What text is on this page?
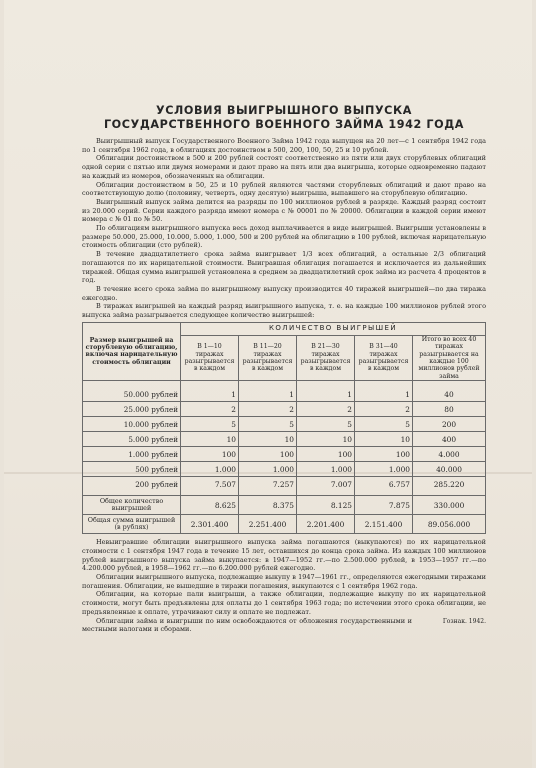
УСЛОВИЯ ВЫИГРЫШНОГО ВЫПУСКА
ГОСУДАРСТВЕННОГО ВОЕННОГО ЗАЙМА 1942 ГОДА

Выигрышный выпуск Государственного Военного Займа 1942 года выпущен на 20 лет—с 1 сентября 1942 года по 1 сентября 1962 года, в облигациях достоинством в 500, 200, 100, 50, 25 и 10 рублей.

Облигации достоинством в 500 и 200 рублей состоят соответственно из пяти или двух сторублевых облигаций одной серии с пятью или двумя номерами и дают право на пять или два выигрыша, которые одновременно падают на каждый из номеров, обозначенных на облигации.

Облигации достоинством в 50, 25 и 10 рублей являются частями сторублевых облигаций и дают право на соответствующую долю (половину, четверть, одну десятую) выигрыша, выпавшего на сторублевую облигацию.

Выигрышный выпуск займа делится на разряды по 100 миллионов рублей в разряде. Каждый разряд состоит из 20.000 серий. Серии каждого разряда имеют номера с № 00001 по № 20000. Облигации в каждой серии имеют номера с № 01 по № 50.

По облигациям выигрышного выпуска весь доход выплачивается в виде выигрышей. Выигрыши установлены в размере 50.000, 25.000, 10.000, 5.000, 1.000, 500 и 200 рублей на облигацию в 100 рублей, включая нарицательную стоимость облигации (сто рублей).

В течение двадцатилетнего срока займа выигрывает 1/3 всех облигаций, а остальные 2/3 облигаций погашаются по их нарицательной стоимости. Выигравшая облигация погашается и исключается из дальнейших тиражей. Общая сумма выигрышей установлена в среднем за двадцатилетний срок займа из расчета 4 процентов в год.

В течение всего срока займа по выигрышному выпуску производится 40 тиражей выигрышей—по два тиража ежегодно.

В тиражах выигрышей на каждый разряд выигрышного выпуска, т. е. на каждые 100 миллионов рублей этого выпуска займа разыгрывается следующее количество выигрышей:

Размер выигрышей на сторублевую облигацию, включая нарицательную стоимость облигации	КОЛИЧЕСТВО ВЫИГРЫШЕЙ				
	В 1—10 тиражах разыгрывается в каждом	В 11—20 тиражах разыгрывается в каждом	В 21—30 тиражах разыгрывается в каждом	В 31—40 тиражах разыгрывается в каждом	Итого во всех 40 тиражах разыгрывается на каждые 100 миллионов рублей займа
50.000 рублей	1	1	1	1	40
25.000 рублей	2	2	2	2	80
10.000 рублей	5	5	5	5	200
5.000 рублей	10	10	10	10	400
1.000 рублей	100	100	100	100	4.000
500 рублей	1.000	1.000	1.000	1.000	40.000
200 рублей	7.507	7.257	7.007	6.757	285.220
Общее количество выигрышей	8.625	8.375	8.125	7.875	330.000
Общая сумма выигрышей (в рублях)	2.301.400	2.251.400	2.201.400	2.151.400	89.056.000

Невыигравшие облигации выигрышного выпуска займа погашаются (выкупаются) по их нарицательной стоимости с 1 сентября 1947 года в течение 15 лет, оставшихся до конца срока займа. Из каждых 100 миллионов рублей выигрышного выпуска займа выкупается: в 1947—1952 гг.—по 2.500.000 рублей, в 1953—1957 гг.—по 4.200.000 рублей, в 1958—1962 гг.—по 6.200.000 рублей ежегодно.

Облигации выигрышного выпуска, подлежащие выкупу в 1947—1961 гг., определяются ежегодными тиражами погашения. Облигации, не вышедшие в тиражи погашения, выкупаются с 1 сентября 1962 года.

Облигации, на которые пали выигрыши, а также облигации, подлежащие выкупу по их нарицательной стоимости, могут быть предъявлены для оплаты до 1 сентября 1963 года; по истечении этого срока облигации, не предъявленные к оплате, утрачивают силу и оплате не подлежат.

Облигации займа и выигрыши по ним освобождаются от обложения государственными и местными налогами и сборами.
Гознак. 1942.
